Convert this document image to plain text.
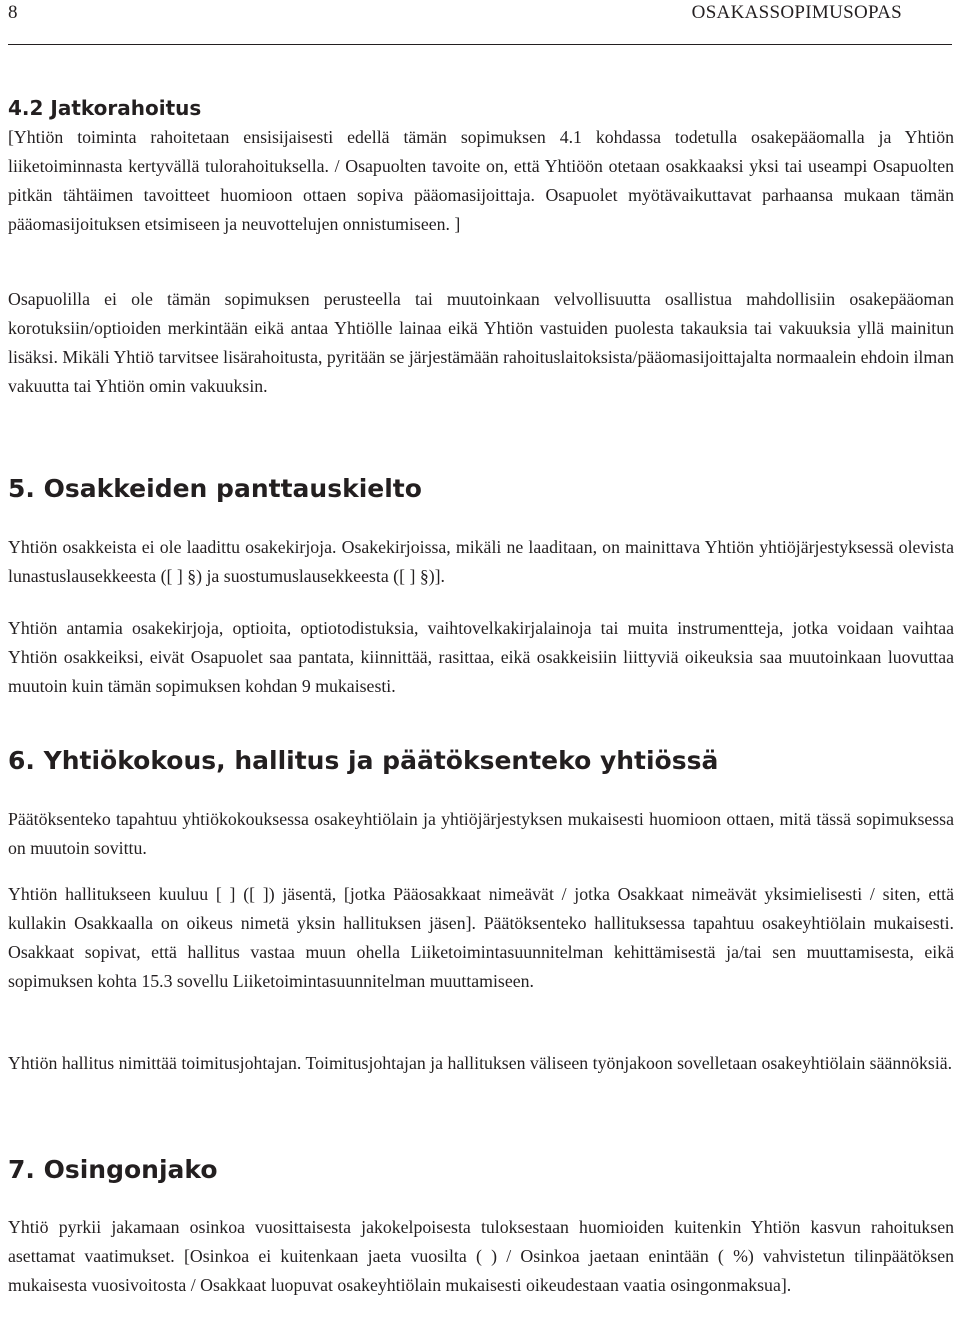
8	OSAKASSOPIMUSOPAS
4.2 Jatkorahoitus

[Yhtiön toiminta rahoitetaan ensisijaisesti edellä tämän sopimuksen 4.1 kohdassa todetulla osakepääomalla ja Yhtiön liiketoiminnasta kertyvällä tulorahoituksella. / Osapuolten tavoite on, että Yhtiöön otetaan osakkaaksi yksi tai useampi Osapuolten pitkän tähtäimen tavoitteet huomioon ottaen sopiva pääomasijoittaja. Osapuolet myötävaikuttavat parhaansa mukaan tämän pääomasijoituksen etsimiseen ja neuvottelujen onnistumiseen. ]

Osapuolilla ei ole tämän sopimuksen perusteella tai muutoinkaan velvollisuutta osallistua mahdollisiin osakepääoman korotuksiin/optioiden merkintään eikä antaa Yhtiölle lainaa eikä Yhtiön vastuiden puolesta takauksia tai vakuuksia yllä mainitun lisäksi. Mikäli Yhtiö tarvitsee lisärahoitusta, pyritään se järjestämään rahoituslaitoksista/pääomasijoittajalta normaalein ehdoin ilman vakuutta tai Yhtiön omin vakuuksin.

5. Osakkeiden panttauskielto

Yhtiön osakkeista ei ole laadittu osakekirjoja. Osakekirjoissa, mikäli ne laaditaan, on mainittava Yhtiön yhtiöjärjestyksessä olevista lunastuslausekkeesta ([ ] §) ja suostumuslausekkeesta ([ ] §)].

Yhtiön antamia osakekirjoja, optioita, optiotodistuksia, vaihtovelkakirjalainoja tai muita instrumentteja, jotka voidaan vaihtaa Yhtiön osakkeiksi, eivät Osapuolet saa pantata, kiinnittää, rasittaa, eikä osakkeisiin liittyviä oikeuksia saa muutoinkaan luovuttaa muutoin kuin tämän sopimuksen kohdan 9 mukaisesti.

6. Yhtiökokous, hallitus ja päätöksenteko yhtiössä

Päätöksenteko tapahtuu yhtiökokouksessa osakeyhtiölain ja yhtiöjärjestyksen mukaisesti huomioon ottaen, mitä tässä sopimuksessa on muutoin sovittu.

Yhtiön hallitukseen kuuluu [ ] ([ ]) jäsentä, [jotka Pääosakkaat nimeävät / jotka Osakkaat nimeävät yksimielisesti / siten, että kullakin Osakkaalla on oikeus nimetä yksin hallituksen jäsen]. Päätöksenteko hallituksessa tapahtuu osakeyhtiölain mukaisesti. Osakkaat sopivat, että hallitus vastaa muun ohella Liiketoimintasuunnitelman kehittämisestä ja/tai sen muuttamisesta, eikä sopimuksen kohta 15.3 sovellu Liiketoimintasuunnitelman muuttamiseen.

Yhtiön hallitus nimittää toimitusjohtajan. Toimitusjohtajan ja hallituksen väliseen työnjakoon sovelletaan osakeyhtiölain säännöksiä.

7. Osingonjako

Yhtiö pyrkii jakamaan osinkoa vuosittaisesta jakokelpoisesta tuloksestaan huomioiden kuitenkin Yhtiön kasvun rahoituksen asettamat vaatimukset. [Osinkoa ei kuitenkaan jaeta vuosilta ( ) / Osinkoa jaetaan enintään ( %) vahvistetun tilinpäätöksen mukaisesta vuosivoitosta / Osakkaat luopuvat osakeyhtiölain mukaisesti oikeudestaan vaatia osingonmaksua].
